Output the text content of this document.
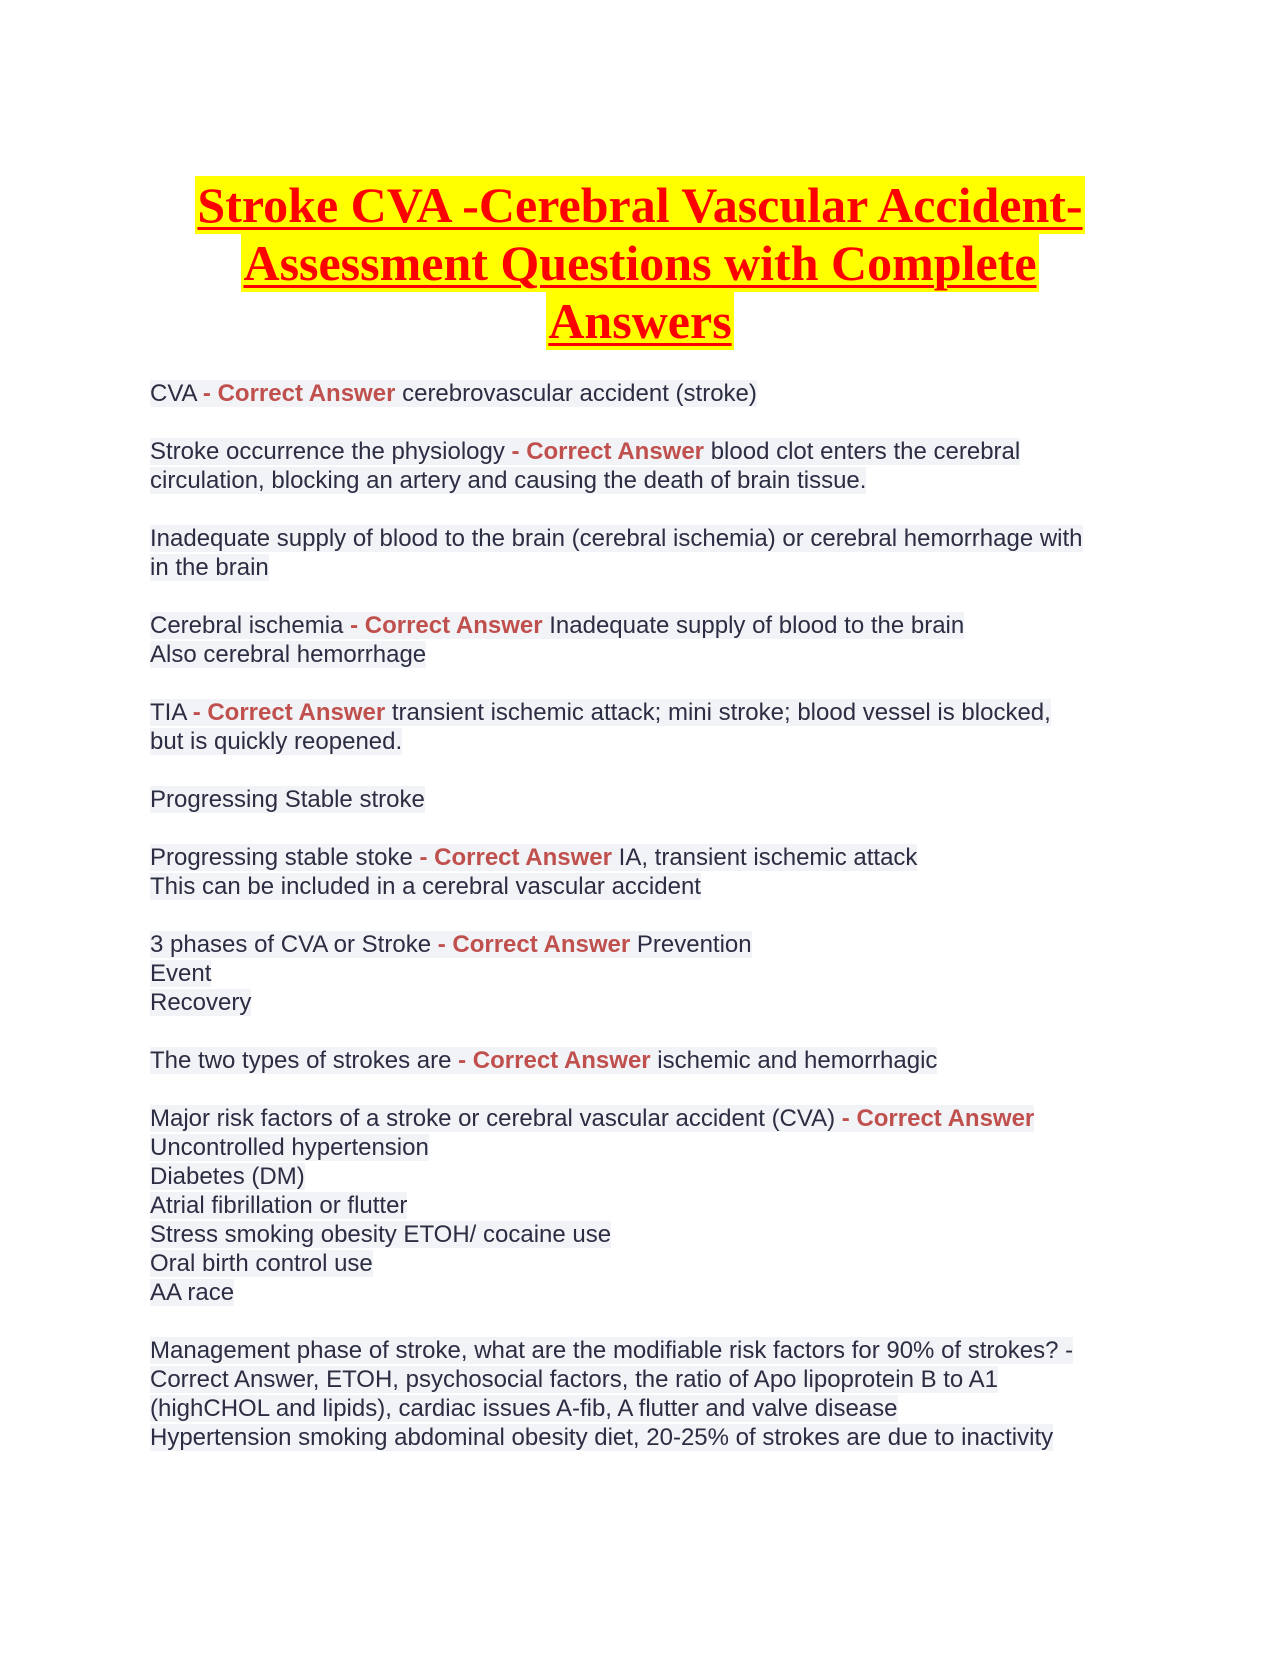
Stroke CVA -Cerebral Vascular Accident-
Assessment Questions with Complete
Answers
CVA - Correct Answer cerebrovascular accident (stroke)
Stroke occurrence the physiology - Correct Answer blood clot enters the cerebral
circulation, blocking an artery and causing the death of brain tissue.
Inadequate supply of blood to the brain (cerebral ischemia) or cerebral hemorrhage with
in the brain
Cerebral ischemia - Correct Answer Inadequate supply of blood to the brain
Also cerebral hemorrhage
TIA - Correct Answer transient ischemic attack; mini stroke; blood vessel is blocked,
but is quickly reopened.
Progressing Stable stroke
Progressing stable stoke - Correct Answer IA, transient ischemic attack
This can be included in a cerebral vascular accident
3 phases of CVA or Stroke - Correct Answer Prevention
Event
Recovery
The two types of strokes are - Correct Answer ischemic and hemorrhagic
Major risk factors of a stroke or cerebral vascular accident (CVA) - Correct Answer
Uncontrolled hypertension
Diabetes (DM)
Atrial fibrillation or flutter
Stress smoking obesity ETOH/ cocaine use
Oral birth control use
AA race
Management phase of stroke, what are the modifiable risk factors for 90% of strokes? -
Correct Answer, ETOH, psychosocial factors, the ratio of Apo lipoprotein B to A1
(highCHOL and lipids), cardiac issues A-fib, A flutter and valve disease
Hypertension smoking abdominal obesity diet, 20-25% of strokes are due to inactivity
